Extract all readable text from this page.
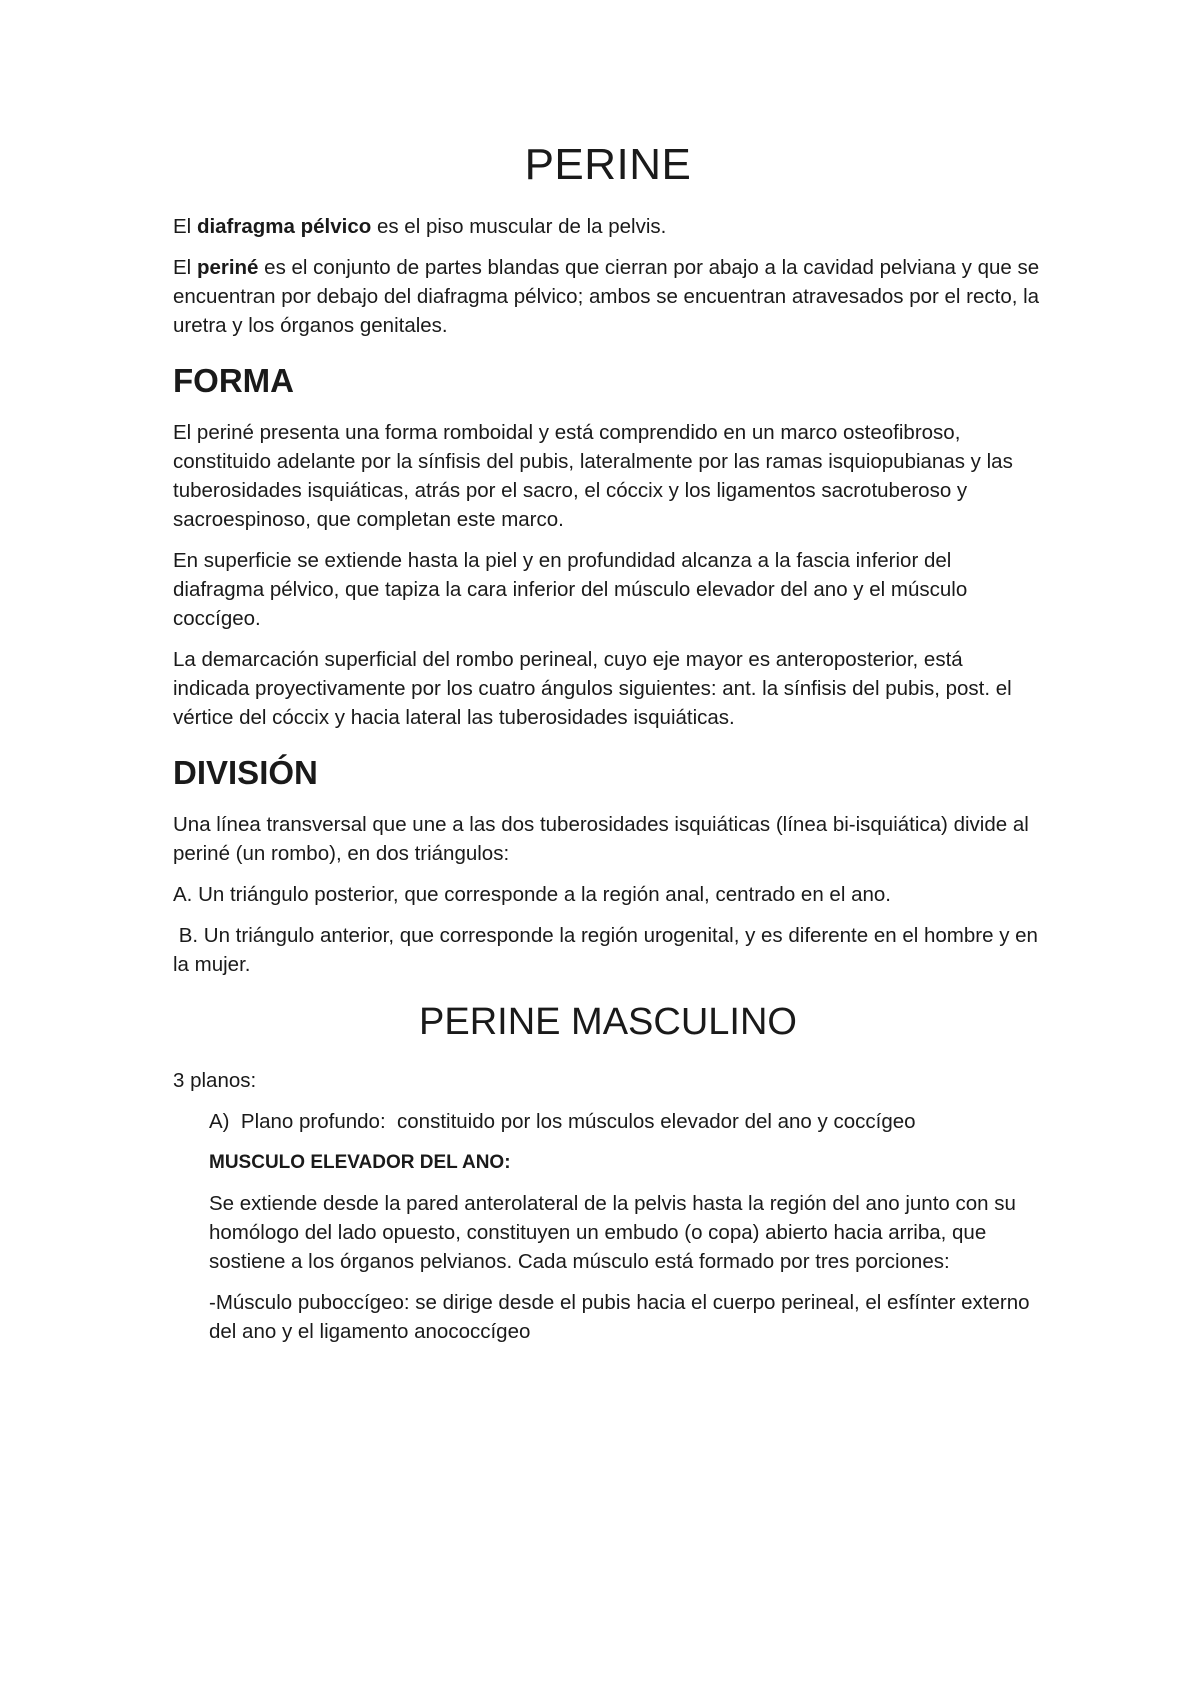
PERINE

El diafragma pélvico es el piso muscular de la pelvis.

El periné es el conjunto de partes blandas que cierran por abajo a la cavidad pelviana y que se encuentran por debajo del diafragma pélvico; ambos se encuentran atravesados por el recto, la uretra y los órganos genitales.

FORMA

El periné presenta una forma romboidal y está comprendido en un marco osteofibroso, constituido adelante por la sínfisis del pubis, lateralmente por las ramas isquiopubianas y las tuberosidades isquiáticas, atrás por el sacro, el cóccix y los ligamentos sacrotuberoso y sacroespinoso, que completan este marco.

En superficie se extiende hasta la piel y en profundidad alcanza a la fascia inferior del diafragma pélvico, que tapiza la cara inferior del músculo elevador del ano y el músculo coccígeo.

La demarcación superficial del rombo perineal, cuyo eje mayor es anteroposterior, está indicada proyectivamente por los cuatro ángulos siguientes: ant. la sínfisis del pubis, post. el vértice del cóccix y hacia lateral las tuberosidades isquiáticas.

DIVISIÓN

Una línea transversal que une a las dos tuberosidades isquiáticas (línea bi-isquiática) divide al periné (un rombo), en dos triángulos:

A. Un triángulo posterior, que corresponde a la región anal, centrado en el ano.

B. Un triángulo anterior, que corresponde la región urogenital, y es diferente en el hombre y en la mujer.

PERINE MASCULINO

3 planos:

A)  Plano profundo:  constituido por los músculos elevador del ano y coccígeo

MUSCULO ELEVADOR DEL ANO:

Se extiende desde la pared anterolateral de la pelvis hasta la región del ano junto con su homólogo del lado opuesto, constituyen un embudo (o copa) abierto hacia arriba, que sostiene a los órganos pelvianos. Cada músculo está formado por tres porciones:

-Músculo puboccígeo: se dirige desde el pubis hacia el cuerpo perineal, el esfínter externo del ano y el ligamento anococcígeo
